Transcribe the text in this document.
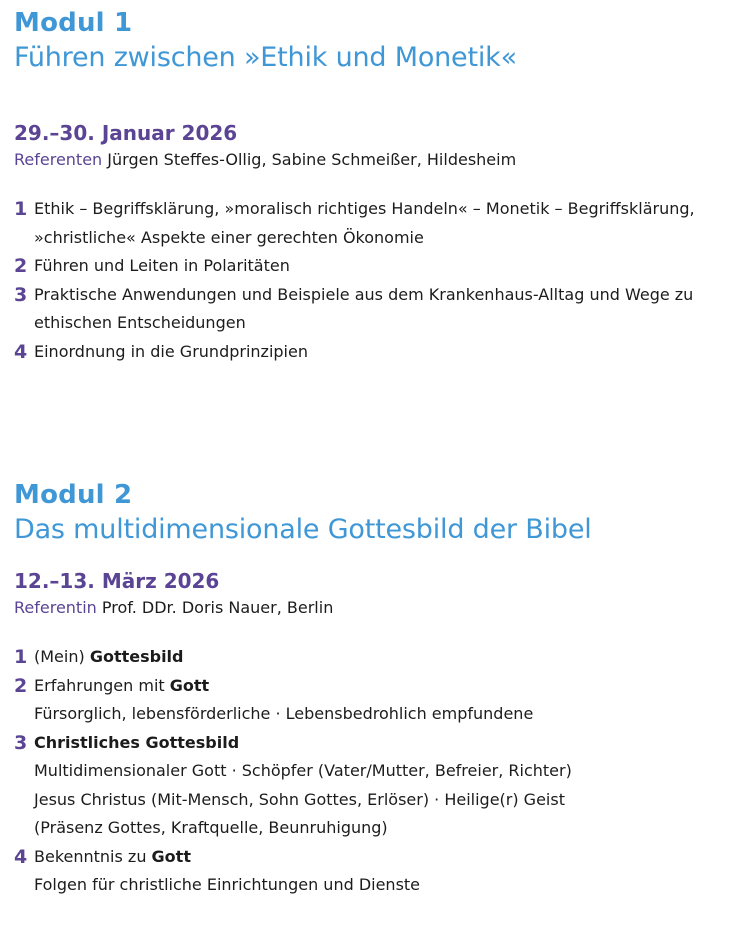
Modul 1
Führen zwischen »Ethik und Monetik«

29.–30. Januar 2026

Referenten Jürgen Steffes-Ollig, Sabine Schmeißer, Hildesheim

1 Ethik – Begriffsklärung, »moralisch richtiges Handeln« – Monetik – Begriffsklärung, »christliche« Aspekte einer gerechten Ökonomie
2 Führen und Leiten in Polaritäten
3 Praktische Anwendungen und Beispiele aus dem Krankenhaus-Alltag und Wege zu ethischen Entscheidungen
4 Einordnung in die Grundprinzipien
Modul 2
Das multidimensionale Gottesbild der Bibel

12.–13. März 2026

Referentin Prof. DDr. Doris Nauer, Berlin

1 (Mein) Gottesbild
2 Erfahrungen mit Gott
Fürsorglich, lebensförderliche · Lebensbedrohlich empfundene
3 Christliches Gottesbild
Multidimensionaler Gott · Schöpfer (Vater/Mutter, Befreier, Richter)
Jesus Christus (Mit-Mensch, Sohn Gottes, Erlöser) · Heilige(r) Geist
(Präsenz Gottes, Kraftquelle, Beunruhigung)
4 Bekenntnis zu Gott
Folgen für christliche Einrichtungen und Dienste
